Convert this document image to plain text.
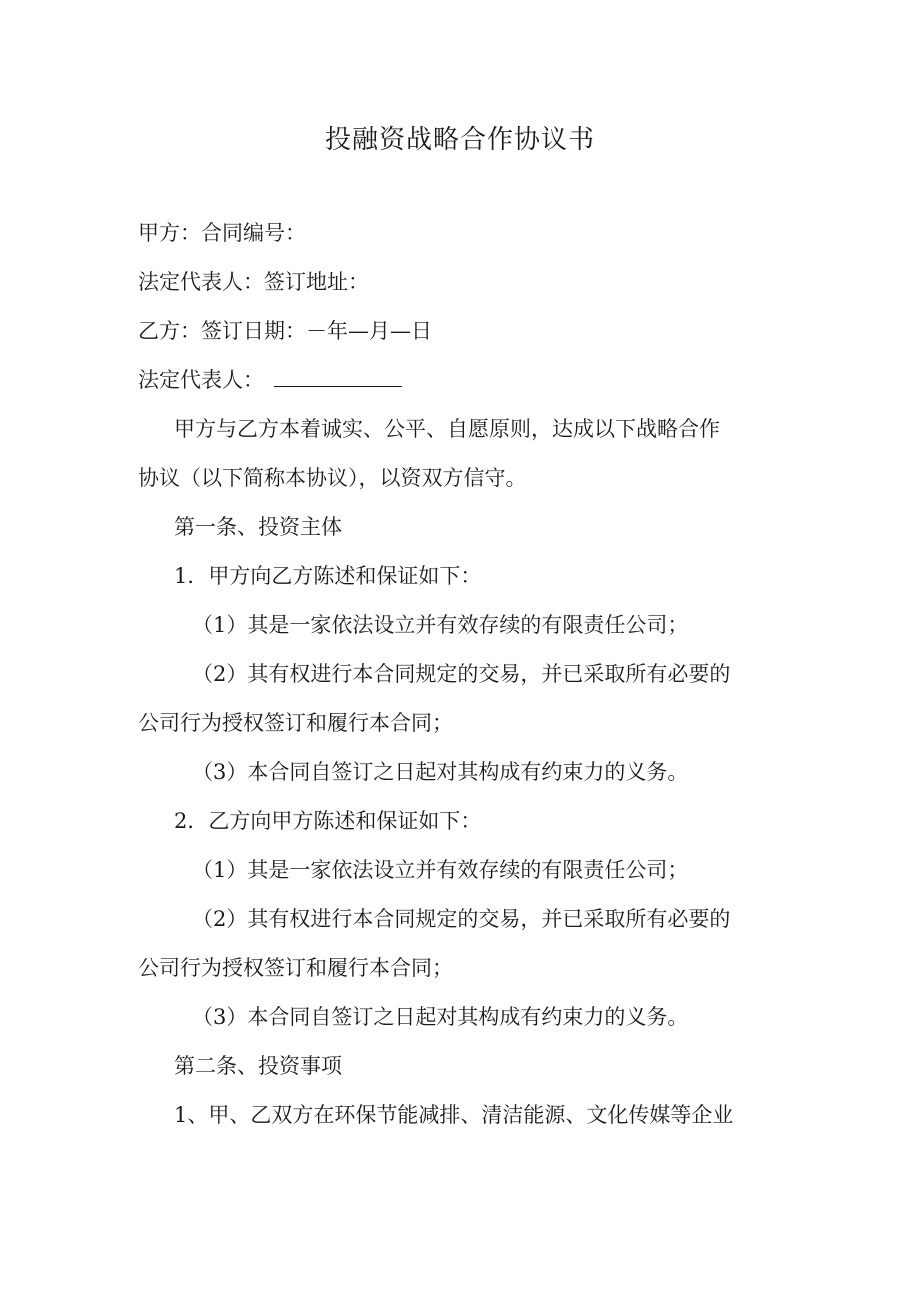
投融资战略合作协议书
甲方：合同编号：
法定代表人：签订地址：
乙方：签订日期：－年—月—日
法定代表人：
甲方与乙方本着诚实、公平、自愿原则，达成以下战略合作
协议（以下简称本协议），以资双方信守。
第一条、投资主体
1．甲方向乙方陈述和保证如下：
（1）其是一家依法设立并有效存续的有限责任公司；
（2）其有权进行本合同规定的交易，并已采取所有必要的
公司行为授权签订和履行本合同；
（3）本合同自签订之日起对其构成有约束力的义务。
2．乙方向甲方陈述和保证如下：
（1）其是一家依法设立并有效存续的有限责任公司；
（2）其有权进行本合同规定的交易，并已采取所有必要的
公司行为授权签订和履行本合同；
（3）本合同自签订之日起对其构成有约束力的义务。
第二条、投资事项
1、甲、乙双方在环保节能减排、清洁能源、文化传媒等企业
